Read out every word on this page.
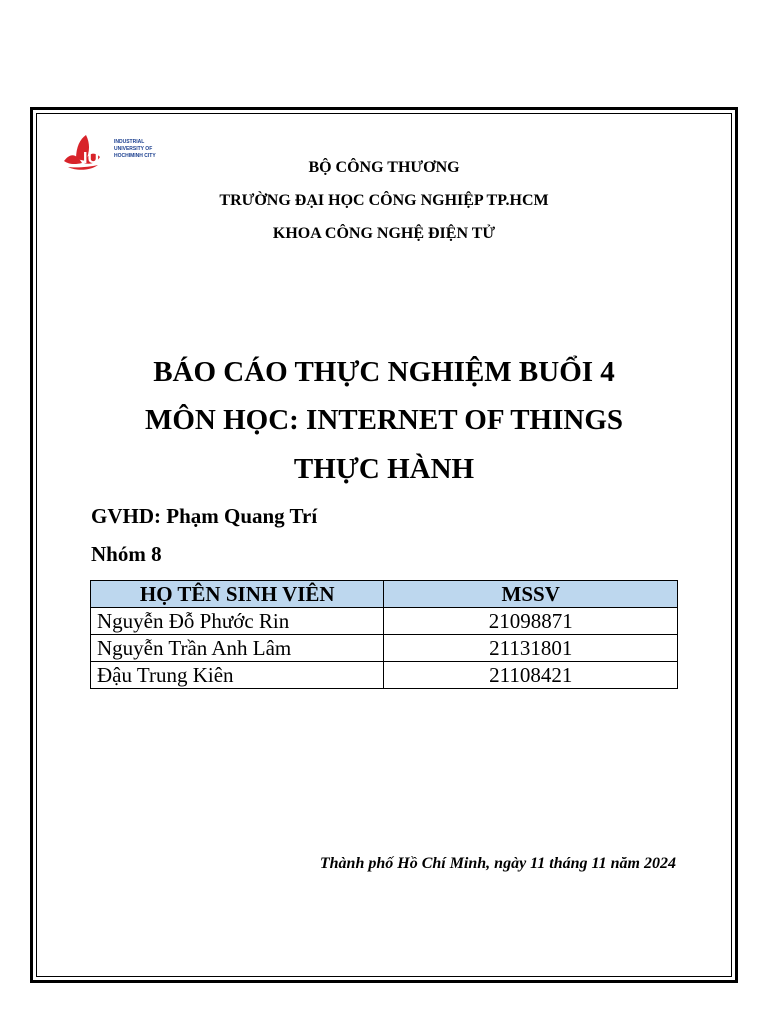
IUH
INDUSTRIAL
UNIVERSITY OF
HOCHIMINH CITY
BỘ CÔNG THƯƠNG
TRƯỜNG ĐẠI HỌC CÔNG NGHIỆP TP.HCM
KHOA CÔNG NGHỆ ĐIỆN TỬ
BÁO CÁO THỰC NGHIỆM BUỔI 4
MÔN HỌC: INTERNET OF THINGS
THỰC HÀNH
GVHD: Phạm Quang Trí
Nhóm 8
HỌ TÊN SINH VIÊN	MSSV
Nguyễn Đỗ Phước Rin	21098871
Nguyễn Trần Anh Lâm	21131801
Đậu Trung Kiên	21108421
Thành phố Hồ Chí Minh, ngày 11 tháng 11 năm 2024
